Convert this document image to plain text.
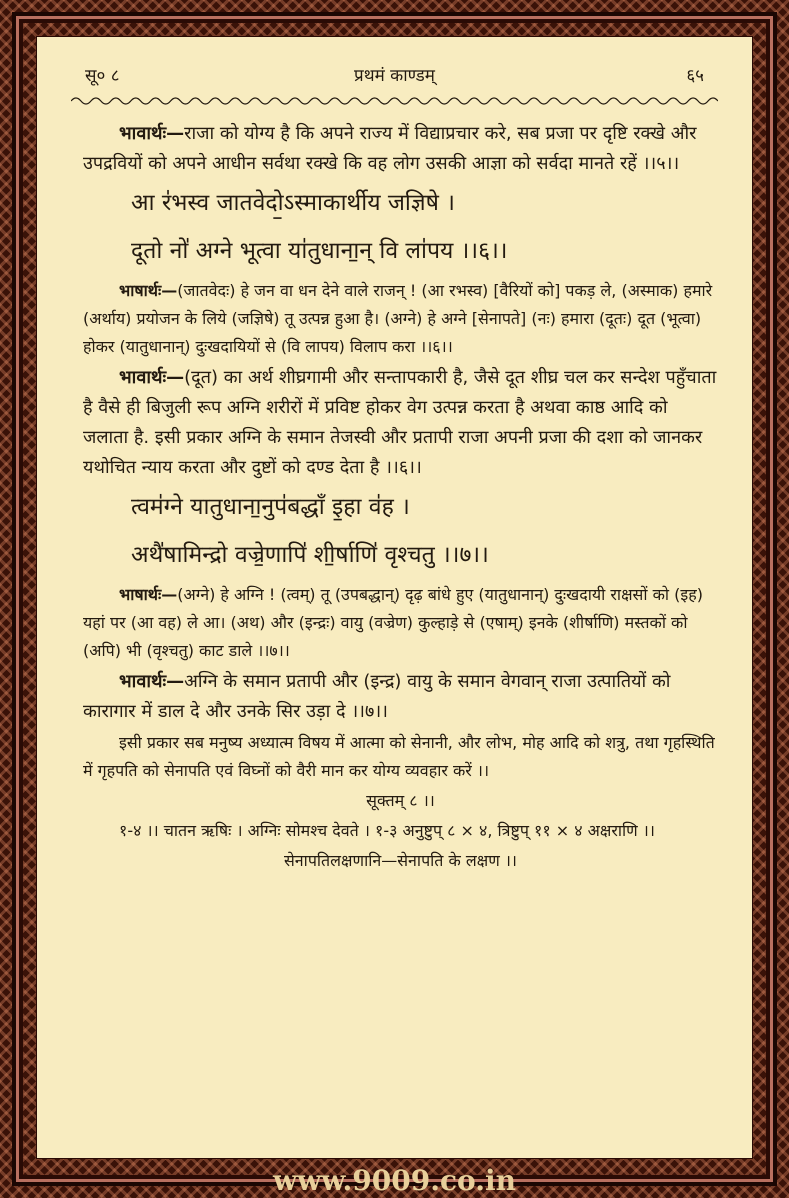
सू० ८	प्रथमं काण्डम्	६५

भावार्थः—राजा को योग्य है कि अपने राज्य में विद्याप्रचार करे, सब प्रजा पर दृष्टि रक्खे और उपद्रवियों को अपने आधीन सर्वथा रक्खे कि वह लोग उसकी आज्ञा को सर्वदा मानते रहें ।।५।।

आ र॑भस्व जातवेदो॒ऽस्माकार्थीय जज्ञिषे ।
दूतो नो॑ अग्ने भूत्वा या॑तुधाना॒न् वि ला॑पय ।।६।।

भाषार्थः—(जातवेदः) हे जन वा धन देने वाले राजन् ! (आ रभस्व) [वैरियों को] पकड़ ले, (अस्माक) हमारे (अर्थाय) प्रयोजन के लिये (जज्ञिषे) तू उत्पन्न हुआ है। (अग्ने) हे अग्ने [सेनापते] (नः) हमारा (दूतः) दूत (भूत्वा) होकर (यातुधानान्) दुःखदायियों से (वि लापय) विलाप करा ।।६।।

भावार्थः—(दूत) का अर्थ शीघ्रगामी और सन्तापकारी है, जैसे दूत शीघ्र चल कर सन्देश पहुँचाता है वैसे ही बिजुली रूप अग्नि शरीरों में प्रविष्ट होकर वेग उत्पन्न करता है अथवा काष्ठ आदि को जलाता है. इसी प्रकार अग्नि के समान तेजस्वी और प्रतापी राजा अपनी प्रजा की दशा को जानकर यथोचित न्याय करता और दुष्टों को दण्ड देता है ।।६।।

त्वम॑ग्ने यातुधाना॒नुप॑बद्धाँ इ॒हा व॑ह ।
अथै॑षामिन्द्रो वज्रे॒णापि॑ शी॒र्षाणि॑ वृश्चतु ।।७।।

भाषार्थः—(अग्ने) हे अग्नि ! (त्वम्) तू (उपबद्धान्) दृढ़ बांधे हुए (यातुधानान्) दुःखदायी राक्षसों को (इह) यहां पर (आ वह) ले आ। (अथ) और (इन्द्रः) वायु (वज्रेण) कुल्हाड़े से (एषाम्) इनके (शीर्षाणि) मस्तकों को (अपि) भी (वृश्चतु) काट डाले ।।७।।

भावार्थः—अग्नि के समान प्रतापी और (इन्द्र) वायु के समान वेगवान् राजा उत्पातियों को कारागार में डाल दे और उनके सिर उड़ा दे ।।७।।

इसी प्रकार सब मनुष्य अध्यात्म विषय में आत्मा को सेनानी, और लोभ, मोह आदि को शत्रु, तथा गृहस्थिति में गृहपति को सेनापति एवं विघ्नों को वैरी मान कर योग्य व्यवहार करें ।।

सूक्तम् ८ ।।

१-४ ।। चातन ऋषिः । अग्निः सोमश्च देवते । १-३ अनुष्टुप् ८ × ४, त्रिष्टुप् ११ × ४ अक्षराणि ।।

सेनापतिलक्षणानि—सेनापति के लक्षण ।।

www.9009.co.in
